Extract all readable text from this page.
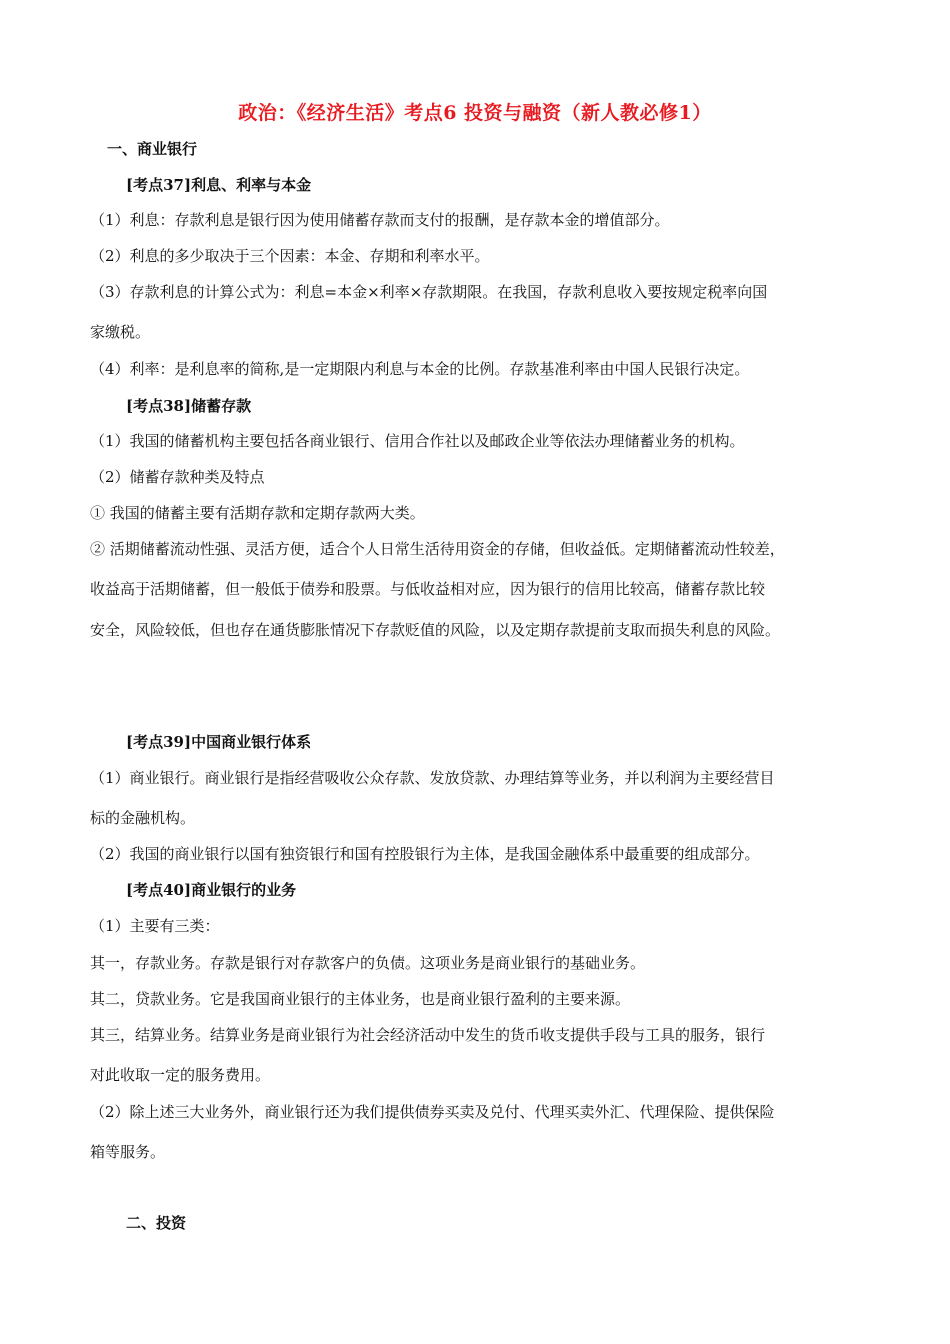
政治：《经济生活》考点6 投资与融资（新人教必修1）
一、商业银行
[考点37]利息、利率与本金
（1）利息：存款利息是银行因为使用储蓄存款而支付的报酬，是存款本金的增值部分。
（2）利息的多少取决于三个因素：本金、存期和利率水平。
（3）存款利息的计算公式为：利息=本金×利率×存款期限。在我国，存款利息收入要按规定税率向国
家缴税。
（4）利率：是利息率的简称,是一定期限内利息与本金的比例。存款基准利率由中国人民银行决定。
[考点38]储蓄存款
（1）我国的储蓄机构主要包括各商业银行、信用合作社以及邮政企业等依法办理储蓄业务的机构。
（2）储蓄存款种类及特点
① 我国的储蓄主要有活期存款和定期存款两大类。
② 活期储蓄流动性强、灵活方便，适合个人日常生活待用资金的存储，但收益低。定期储蓄流动性较差，
收益高于活期储蓄，但一般低于债券和股票。与低收益相对应，因为银行的信用比较高，储蓄存款比较
安全，风险较低，但也存在通货膨胀情况下存款贬值的风险，以及定期存款提前支取而损失利息的风险。
[考点39]中国商业银行体系
（1）商业银行。商业银行是指经营吸收公众存款、发放贷款、办理结算等业务，并以利润为主要经营目
标的金融机构。
（2）我国的商业银行以国有独资银行和国有控股银行为主体，是我国金融体系中最重要的组成部分。
[考点40]商业银行的业务
（1）主要有三类：
其一，存款业务。存款是银行对存款客户的负债。这项业务是商业银行的基础业务。
其二，贷款业务。它是我国商业银行的主体业务，也是商业银行盈利的主要来源。
其三，结算业务。结算业务是商业银行为社会经济活动中发生的货币收支提供手段与工具的服务，银行
对此收取一定的服务费用。
（2）除上述三大业务外，商业银行还为我们提供债券买卖及兑付、代理买卖外汇、代理保险、提供保险
箱等服务。
二、投资
